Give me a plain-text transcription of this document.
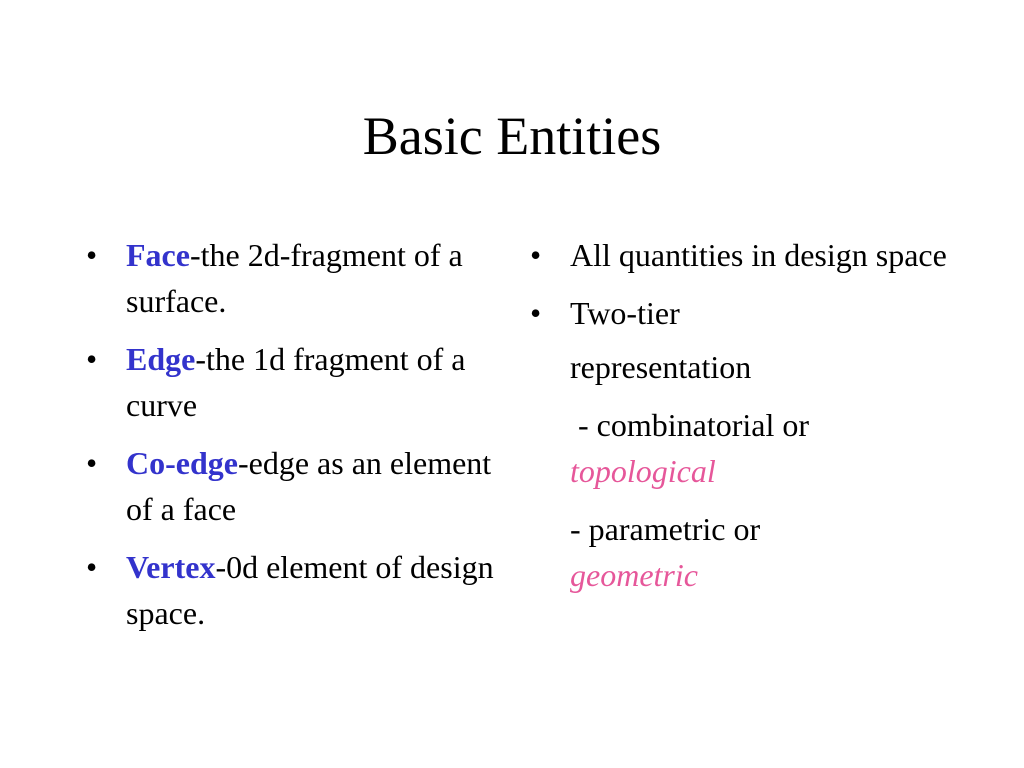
Basic Entities
• Face-the 2d-fragment of a surface.
• Edge-the 1d fragment of a curve
• Co-edge-edge as an element of a face
• Vertex-0d element of design space.
• All quantities in design space
• Two-tier
representation
- combinatorial or
topological
- parametric or
geometric
